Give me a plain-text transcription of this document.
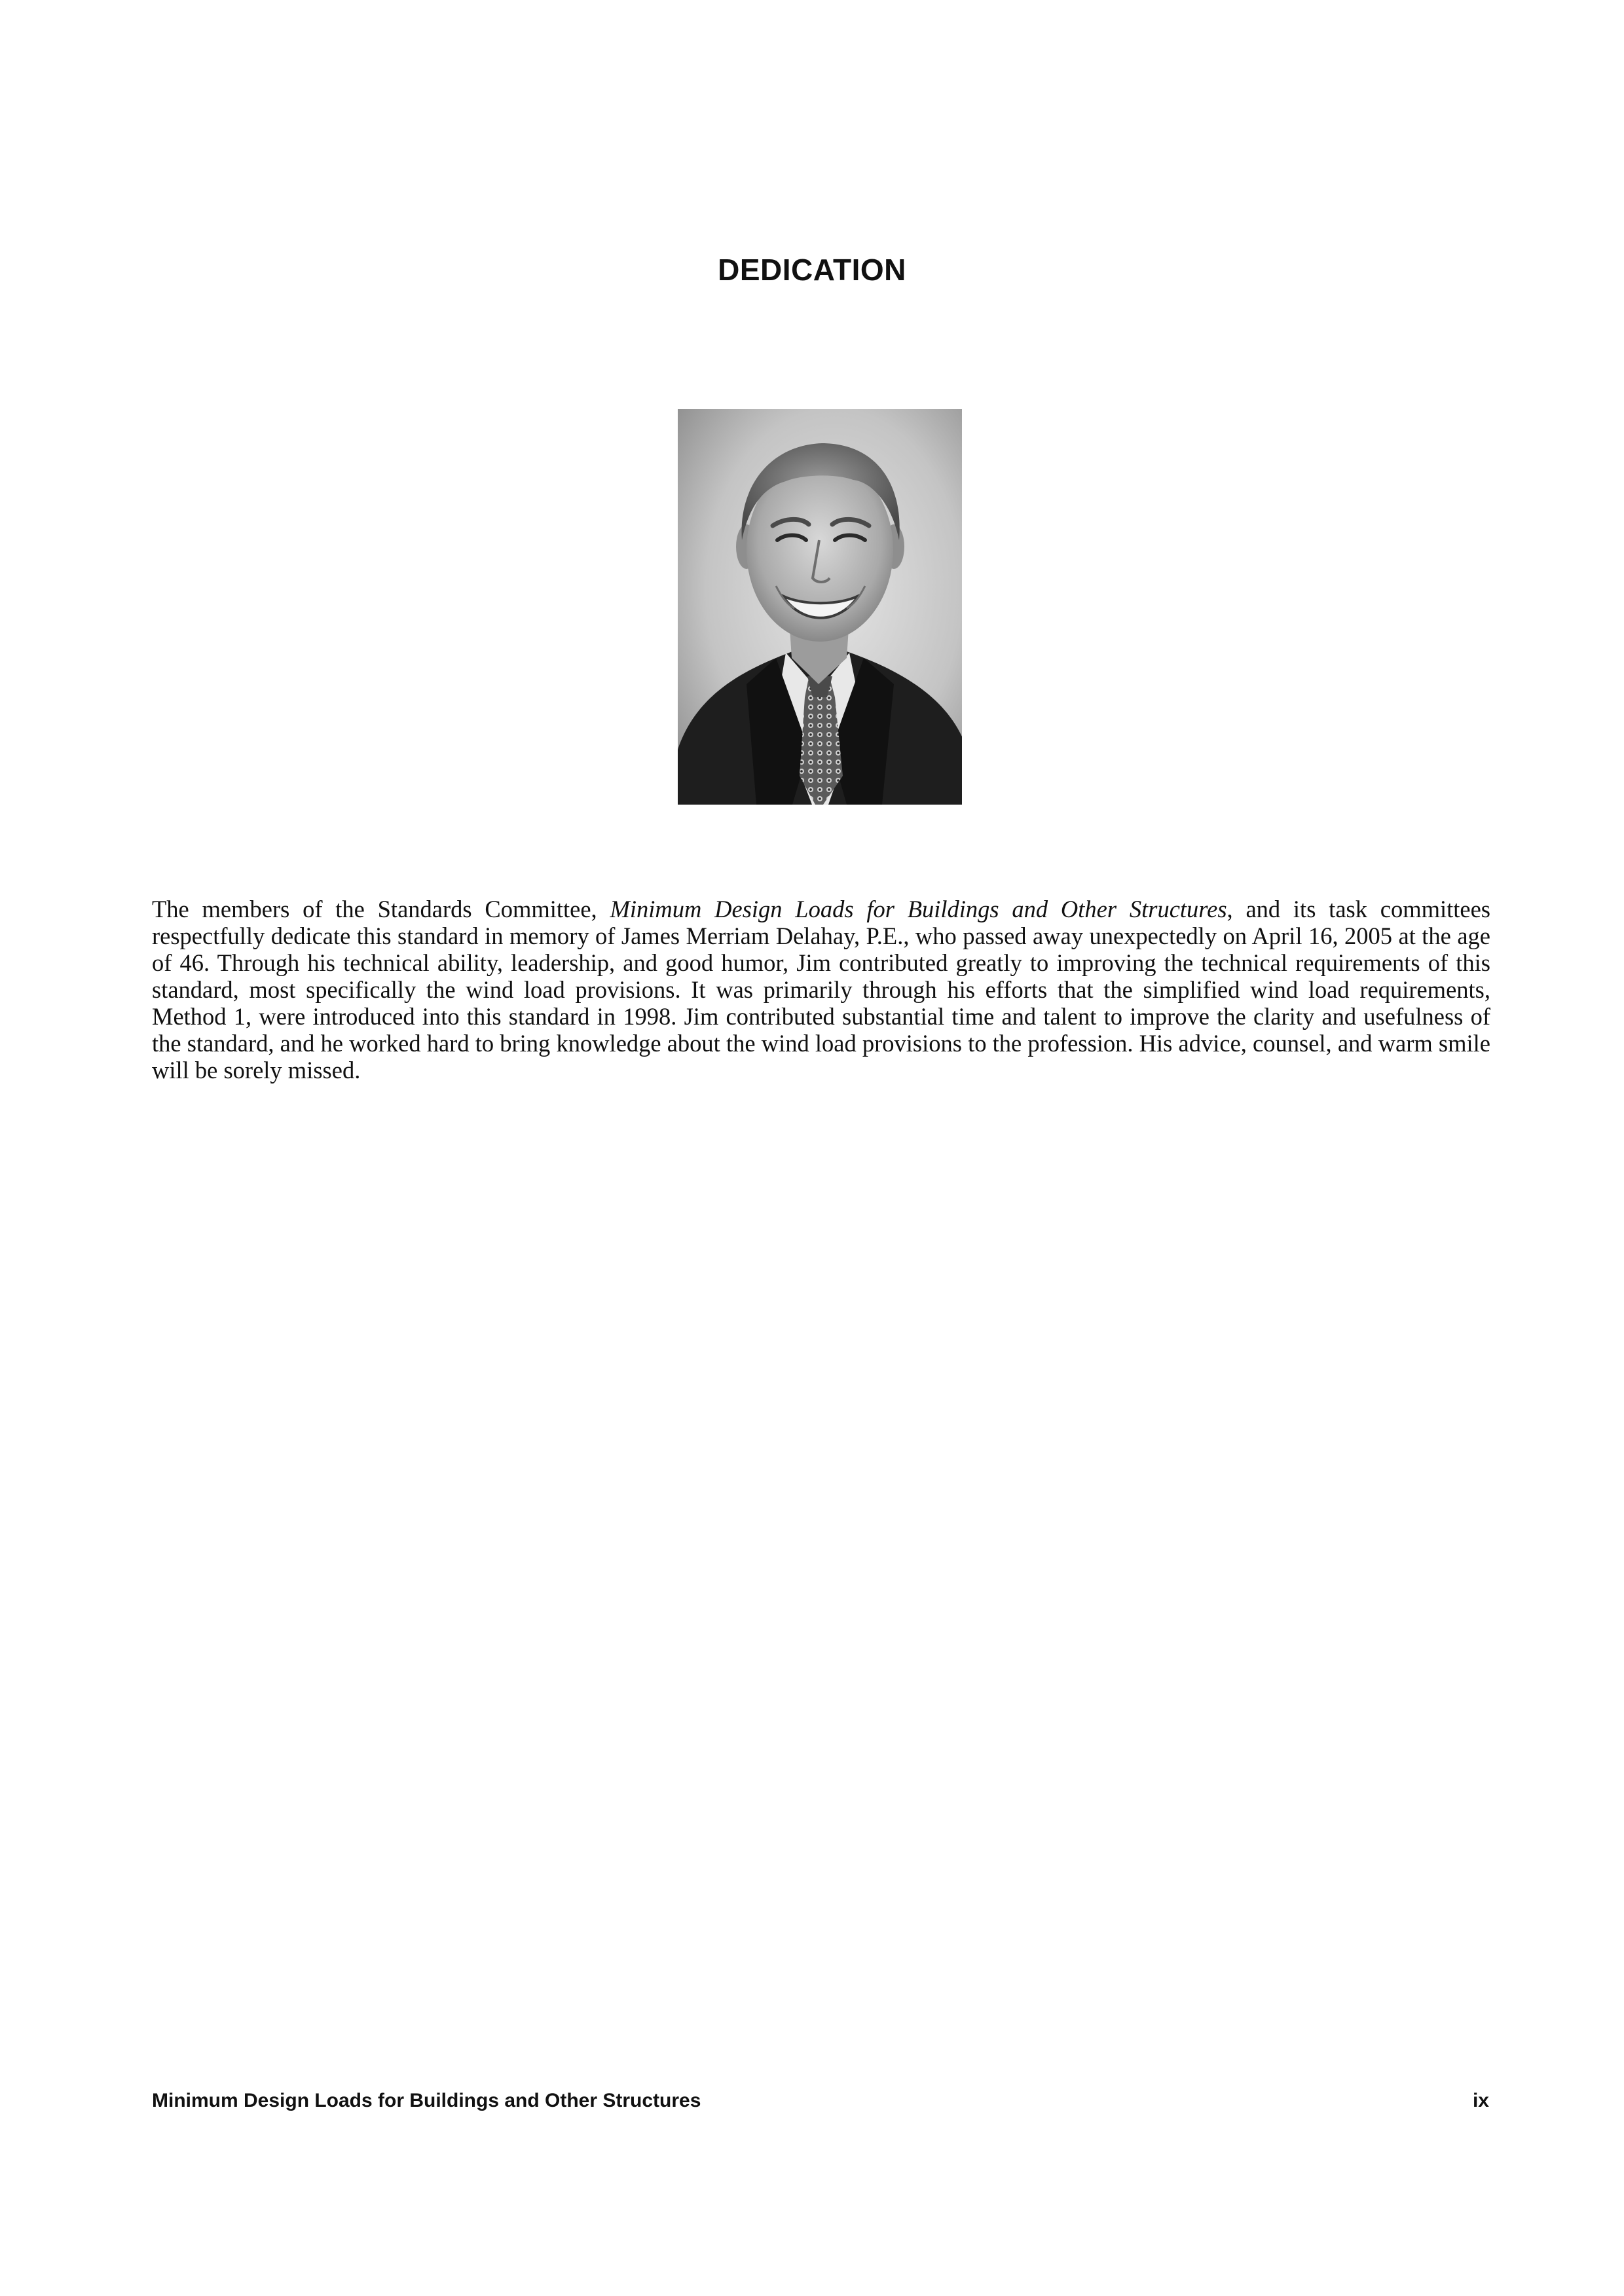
DEDICATION

The members of the Standards Committee, Minimum Design Loads for Buildings and Other Structures, and its task committees respectfully dedicate this standard in memory of James Merriam Delahay, P.E., who passed away unexpectedly on April 16, 2005 at the age of 46. Through his technical ability, leadership, and good humor, Jim contributed greatly to improving the technical requirements of this standard, most specifically the wind load provisions. It was primarily through his efforts that the simplified wind load requirements, Method 1, were introduced into this standard in 1998. Jim contributed substantial time and talent to improve the clarity and usefulness of the standard, and he worked hard to bring knowledge about the wind load provisions to the profession. His advice, counsel, and warm smile will be sorely missed.

Minimum Design Loads for Buildings and Other Structures	ix
